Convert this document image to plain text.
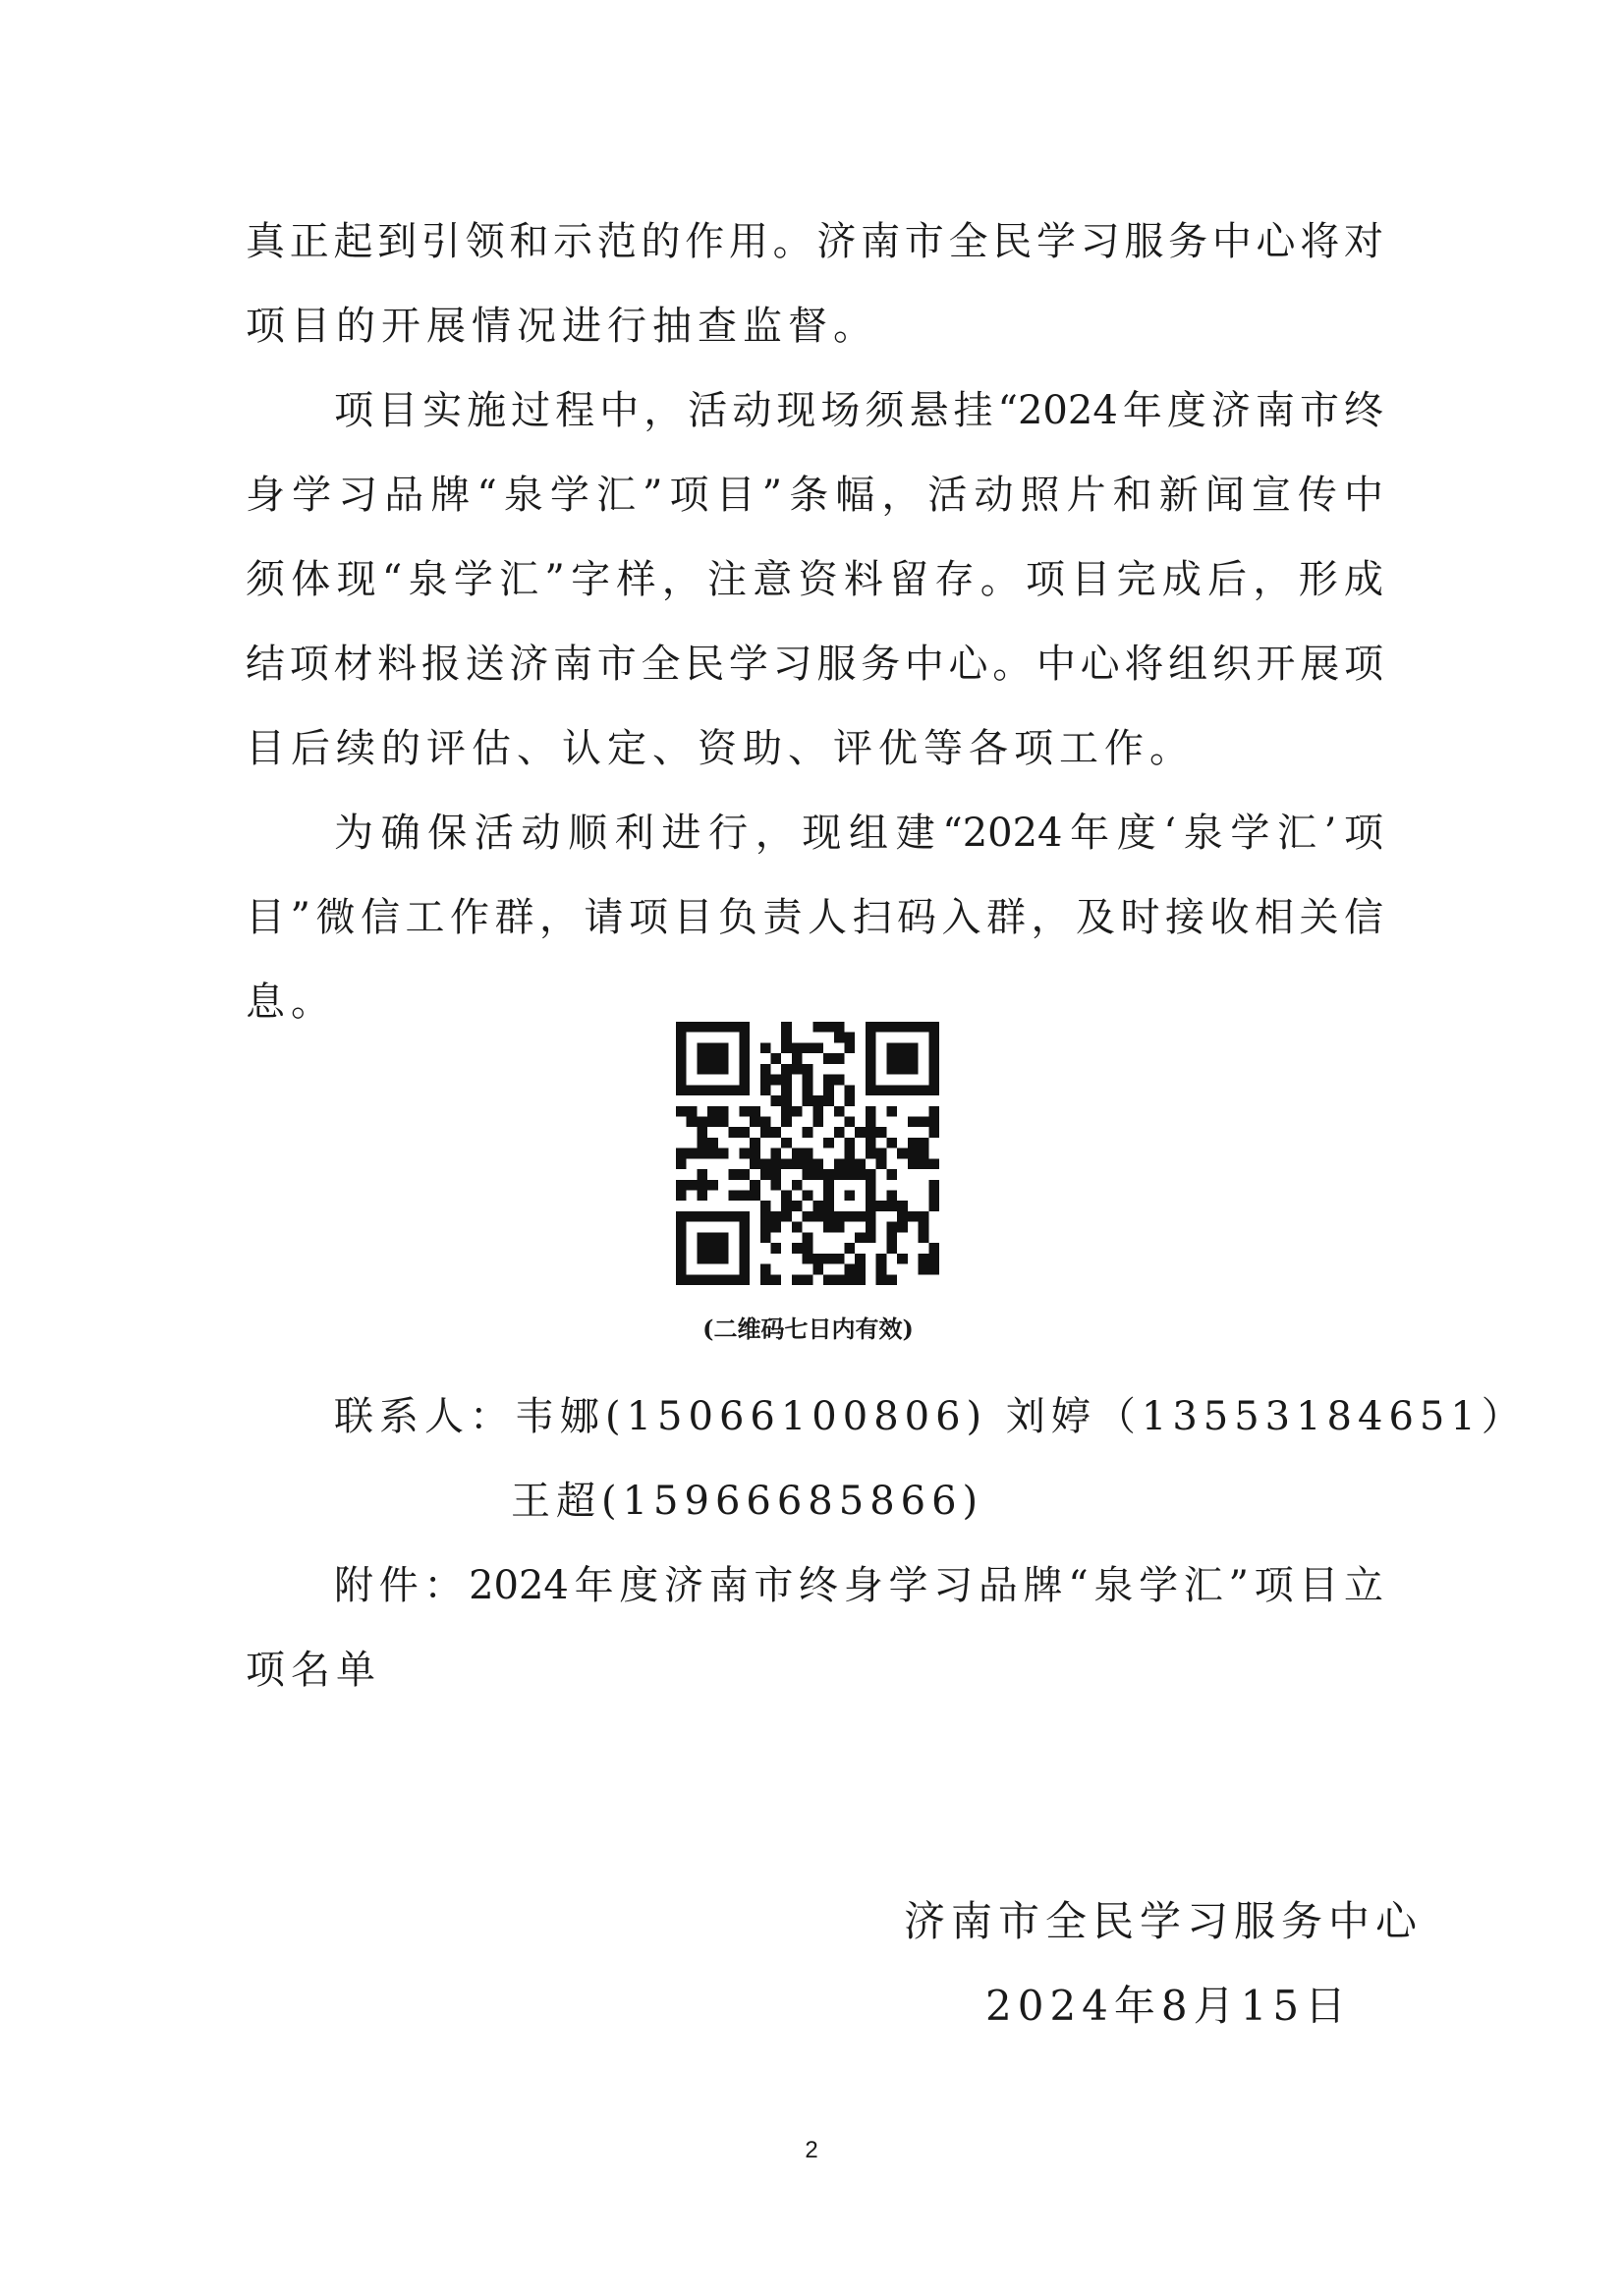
真正起到引领和示范的作用。济南市全民学习服务中心将对
项目的开展情况进行抽查监督。
项目实施过程中，活动现场须悬挂“2024年度济南市终
身学习品牌“泉学汇”项目”条幅，活动照片和新闻宣传中
须体现“泉学汇”字样，注意资料留存。项目完成后，形成
结项材料报送济南市全民学习服务中心。中心将组织开展项
目后续的评估、认定、资助、评优等各项工作。
为确保活动顺利进行，现组建“2024年度‘泉学汇’项
目”微信工作群，请项目负责人扫码入群，及时接收相关信
息。
(二维码七日内有效)
联系人：韦娜(15066100806) 刘婷（13553184651）
王超(15966685866)
附件：2024年度济南市终身学习品牌“泉学汇”项目立
项名单
济南市全民学习服务中心
2024年8月15日
2
